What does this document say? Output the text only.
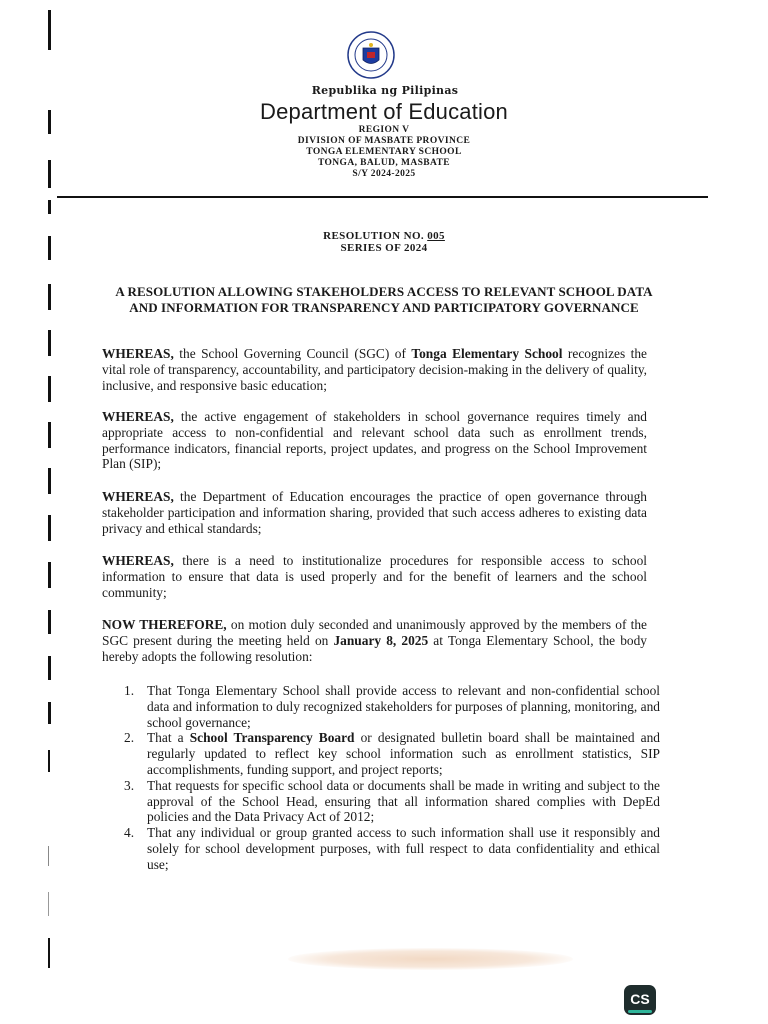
Republika ng Pilipinas
Department of Education
REGION V
DIVISION OF MASBATE PROVINCE
TONGA ELEMENTARY SCHOOL
TONGA, BALUD, MASBATE
S/Y 2024-2025
RESOLUTION NO. 005
SERIES OF 2024
A RESOLUTION ALLOWING STAKEHOLDERS ACCESS TO RELEVANT SCHOOL DATA AND INFORMATION FOR TRANSPARENCY AND PARTICIPATORY GOVERNANCE
WHEREAS, the School Governing Council (SGC) of Tonga Elementary School recognizes the vital role of transparency, accountability, and participatory decision-making in the delivery of quality, inclusive, and responsive basic education;
WHEREAS, the active engagement of stakeholders in school governance requires timely and appropriate access to non-confidential and relevant school data such as enrollment trends, performance indicators, financial reports, project updates, and progress on the School Improvement Plan (SIP);
WHEREAS, the Department of Education encourages the practice of open governance through stakeholder participation and information sharing, provided that such access adheres to existing data privacy and ethical standards;
WHEREAS, there is a need to institutionalize procedures for responsible access to school information to ensure that data is used properly and for the benefit of learners and the school community;
NOW THEREFORE, on motion duly seconded and unanimously approved by the members of the SGC present during the meeting held on January 8, 2025 at Tonga Elementary School, the body hereby adopts the following resolution:
1. That Tonga Elementary School shall provide access to relevant and non-confidential school data and information to duly recognized stakeholders for purposes of planning, monitoring, and school governance;
2. That a School Transparency Board or designated bulletin board shall be maintained and regularly updated to reflect key school information such as enrollment statistics, SIP accomplishments, funding support, and project reports;
3. That requests for specific school data or documents shall be made in writing and subject to the approval of the School Head, ensuring that all information shared complies with DepEd policies and the Data Privacy Act of 2012;
4. That any individual or group granted access to such information shall use it responsibly and solely for school development purposes, with full respect to data confidentiality and ethical use;
CS
